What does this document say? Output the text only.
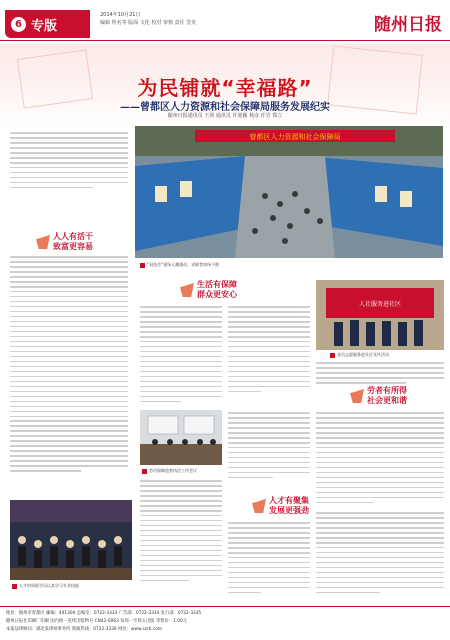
6 专版
2014年10月21日
编辑 姓名等 版面 文化 校对 审核 责任 签发	随州日报
为民铺就“幸福路”
——曾都区人力资源和社会保障局服务发展纪实
随州日报通讯员 王剑 通讯员 许迎颖 杨彦 许岩 郑立
曾都区人力资源和社会保障局
“双选会”现场人潮涌动，求职者络绎不绝
人人有活干
致富更容易
生活有保障
群众更安心
人社服务进社区
党员志愿服务进社区宣传活动
劳者有所得
社会更和谐
劳动保障监察执法工作会议
人才有聚集
发展更强劲
人才培训班学员认真学习专业技能
地址：随州市曾都区 邮编：441300 总编室：0722-3333 广告部：0722-3334 发行部：0722-3335
随州日报社印刷厂印刷 国内统一连续出版物号 CN42-0063 每周一至周五出版 零售价：1.00元
本报法律顾问：湖北某律师事务所 新闻热线：0722-3336 网址：www.szrb.com
